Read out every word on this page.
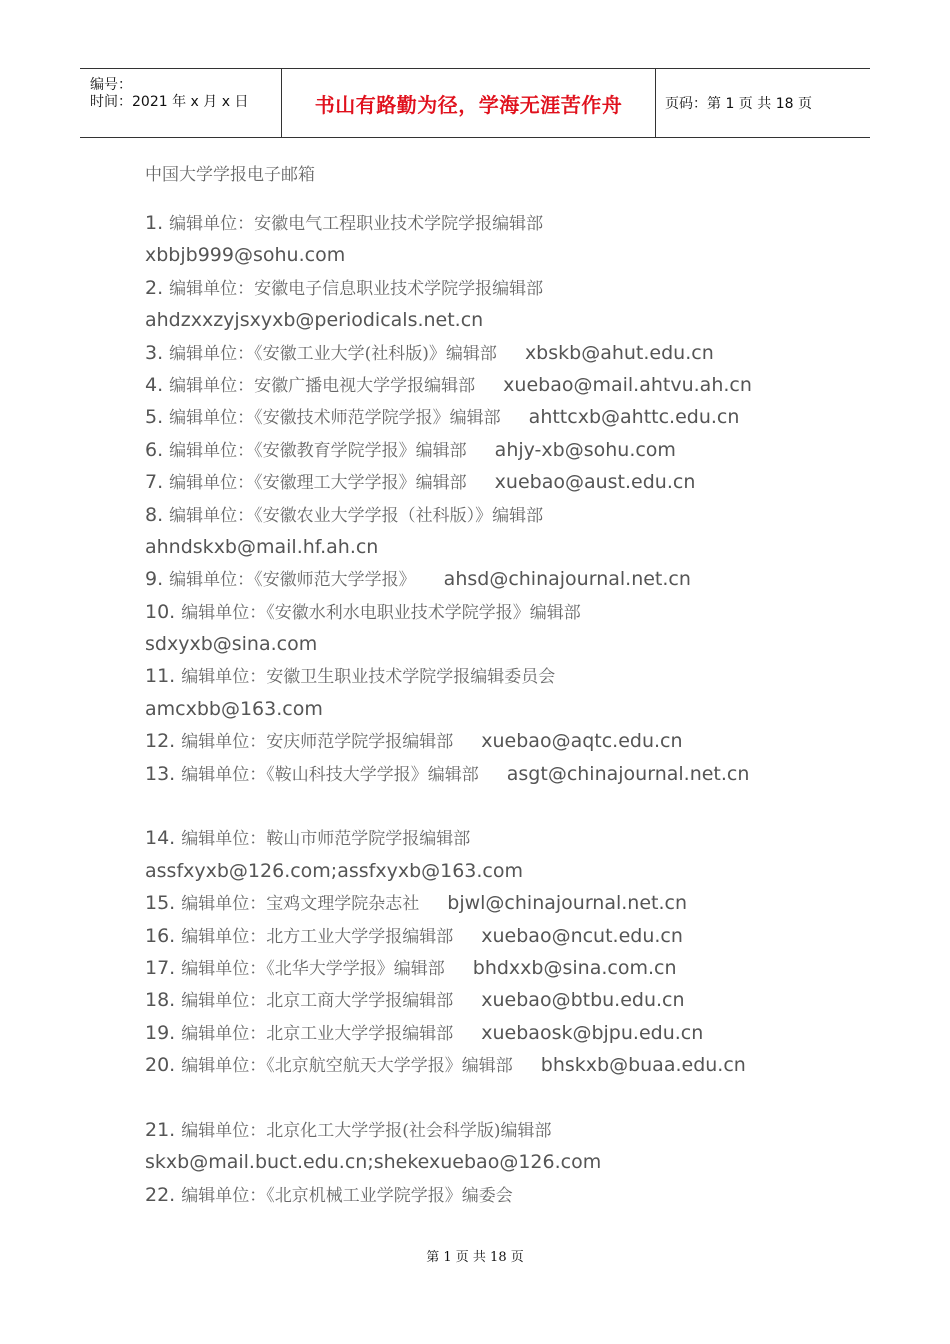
编号：
时间：2021 年 x 月 x 日	书山有路勤为径，学海无涯苦作舟	页码：第 1 页 共 18 页
中国大学学报电子邮箱
1. 编辑单位：安徽电气工程职业技术学院学报编辑部
xbbjb999@sohu.com
2. 编辑单位：安徽电子信息职业技术学院学报编辑部
ahdzxxzyjsxyxb@periodicals.net.cn
3. 编辑单位：《安徽工业大学(社科版)》编辑部 xbskb@ahut.edu.cn
4. 编辑单位：安徽广播电视大学学报编辑部 xuebao@mail.ahtvu.ah.cn
5. 编辑单位：《安徽技术师范学院学报》编辑部 ahttcxb@ahttc.edu.cn
6. 编辑单位：《安徽教育学院学报》编辑部 ahjy-xb@sohu.com
7. 编辑单位：《安徽理工大学学报》编辑部 xuebao@aust.edu.cn
8. 编辑单位：《安徽农业大学学报（社科版）》编辑部
ahndskxb@mail.hf.ah.cn
9. 编辑单位：《安徽师范大学学报》 ahsd@chinajournal.net.cn
10. 编辑单位：《安徽水利水电职业技术学院学报》编辑部
sdxyxb@sina.com
11. 编辑单位：安徽卫生职业技术学院学报编辑委员会
amcxbb@163.com
12. 编辑单位：安庆师范学院学报编辑部 xuebao@aqtc.edu.cn
13. 编辑单位：《鞍山科技大学学报》编辑部 asgt@chinajournal.net.cn
14. 编辑单位：鞍山市师范学院学报编辑部
assfxyxb@126.com;assfxyxb@163.com
15. 编辑单位：宝鸡文理学院杂志社 bjwl@chinajournal.net.cn
16. 编辑单位：北方工业大学学报编辑部 xuebao@ncut.edu.cn
17. 编辑单位：《北华大学学报》编辑部 bhdxxb@sina.com.cn
18. 编辑单位：北京工商大学学报编辑部 xuebao@btbu.edu.cn
19. 编辑单位：北京工业大学学报编辑部 xuebaosk@bjpu.edu.cn
20. 编辑单位：《北京航空航天大学学报》编辑部 bhskxb@buaa.edu.cn
21. 编辑单位：北京化工大学学报(社会科学版)编辑部
skxb@mail.buct.edu.cn;shekexuebao@126.com
22. 编辑单位：《北京机械工业学院学报》编委会
第 1 页 共 18 页
